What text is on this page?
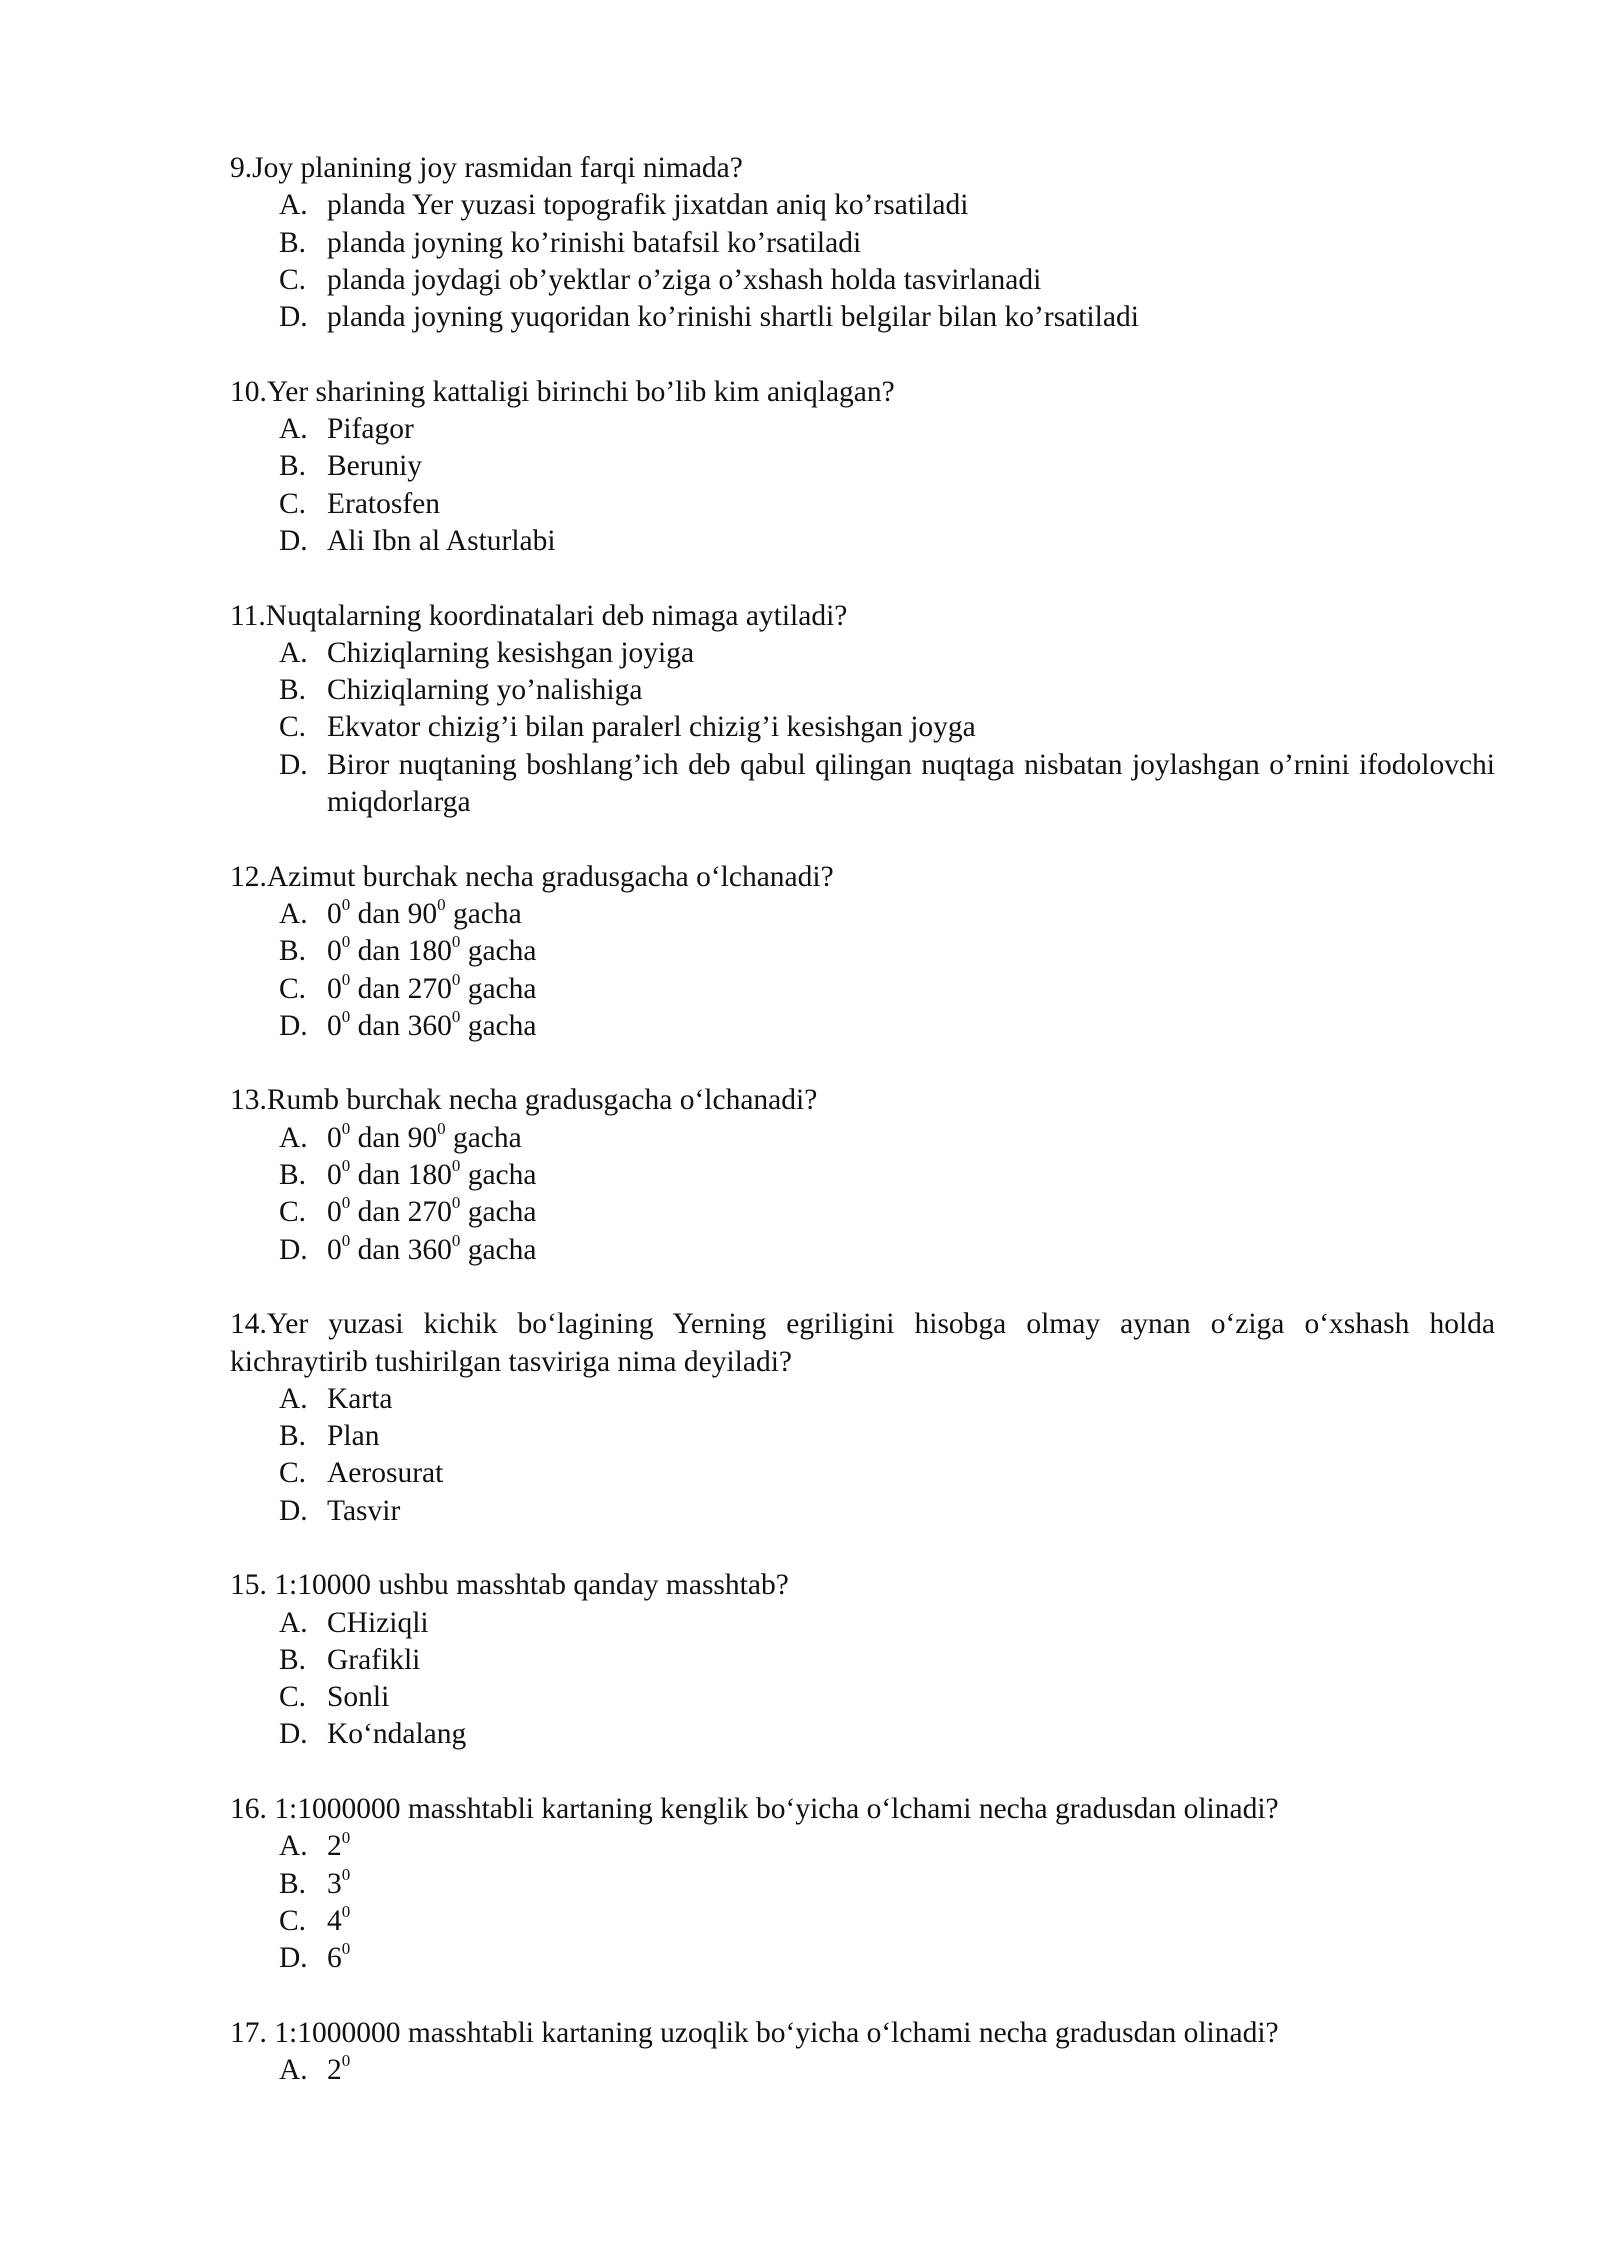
9.Joy planining joy rasmidan farqi nimada?
A. planda Yer yuzasi topografik jixatdan aniq ko’rsatiladi
B. planda joyning ko’rinishi batafsil ko’rsatiladi
C. planda joydagi ob’yektlar o’ziga o’xshash holda tasvirlanadi
D. planda joyning yuqoridan ko’rinishi shartli belgilar bilan ko’rsatiladi
10.Yer sharining kattaligi birinchi bo’lib kim aniqlagan?
A. Pifagor
B. Beruniy
C. Eratosfen
D. Ali Ibn al Asturlabi
11.Nuqtalarning koordinatalari deb nimaga aytiladi?
A. Chiziqlarning kesishgan joyiga
B. Chiziqlarning yo’nalishiga
C. Ekvator chizig’i bilan paralerl chizig’i kesishgan joyga
D. Biror nuqtaning boshlang’ich deb qabul qilingan nuqtaga nisbatan joylashgan o’rnini ifodolovchi miqdorlarga
12.Azimut burchak necha gradusgacha o‘lchanadi?
A. $0^0$ dan $90^0$ gacha
B. $0^0$ dan $180^0$ gacha
C. $0^0$ dan $270^0$ gacha
D. $0^0$ dan $360^0$ gacha
13.Rumb burchak necha gradusgacha o‘lchanadi?
A. $0^0$ dan $90^0$ gacha
B. $0^0$ dan $180^0$ gacha
C. $0^0$ dan $270^0$ gacha
D. $0^0$ dan $360^0$ gacha
14.Yer yuzasi kichik bo‘lagining Yerning egriligini hisobga olmay aynan o‘ziga o‘xshash holda kichraytirib tushirilgan tasviriga nima deyiladi?
A. Karta
B. Plan
C. Aerosurat
D. Tasvir
15. 1:10000 ushbu masshtab qanday masshtab?
A. CHiziqli
B. Grafikli
C. Sonli
D. Ko‘ndalang
16. 1:1000000 masshtabli kartaning kenglik bo‘yicha o‘lchami necha gradusdan olinadi?
A. $2^0$
B. $3^0$
C. $4^0$
D. $6^0$
17. 1:1000000 masshtabli kartaning uzoqlik bo‘yicha o‘lchami necha gradusdan olinadi?
A. $2^0$
